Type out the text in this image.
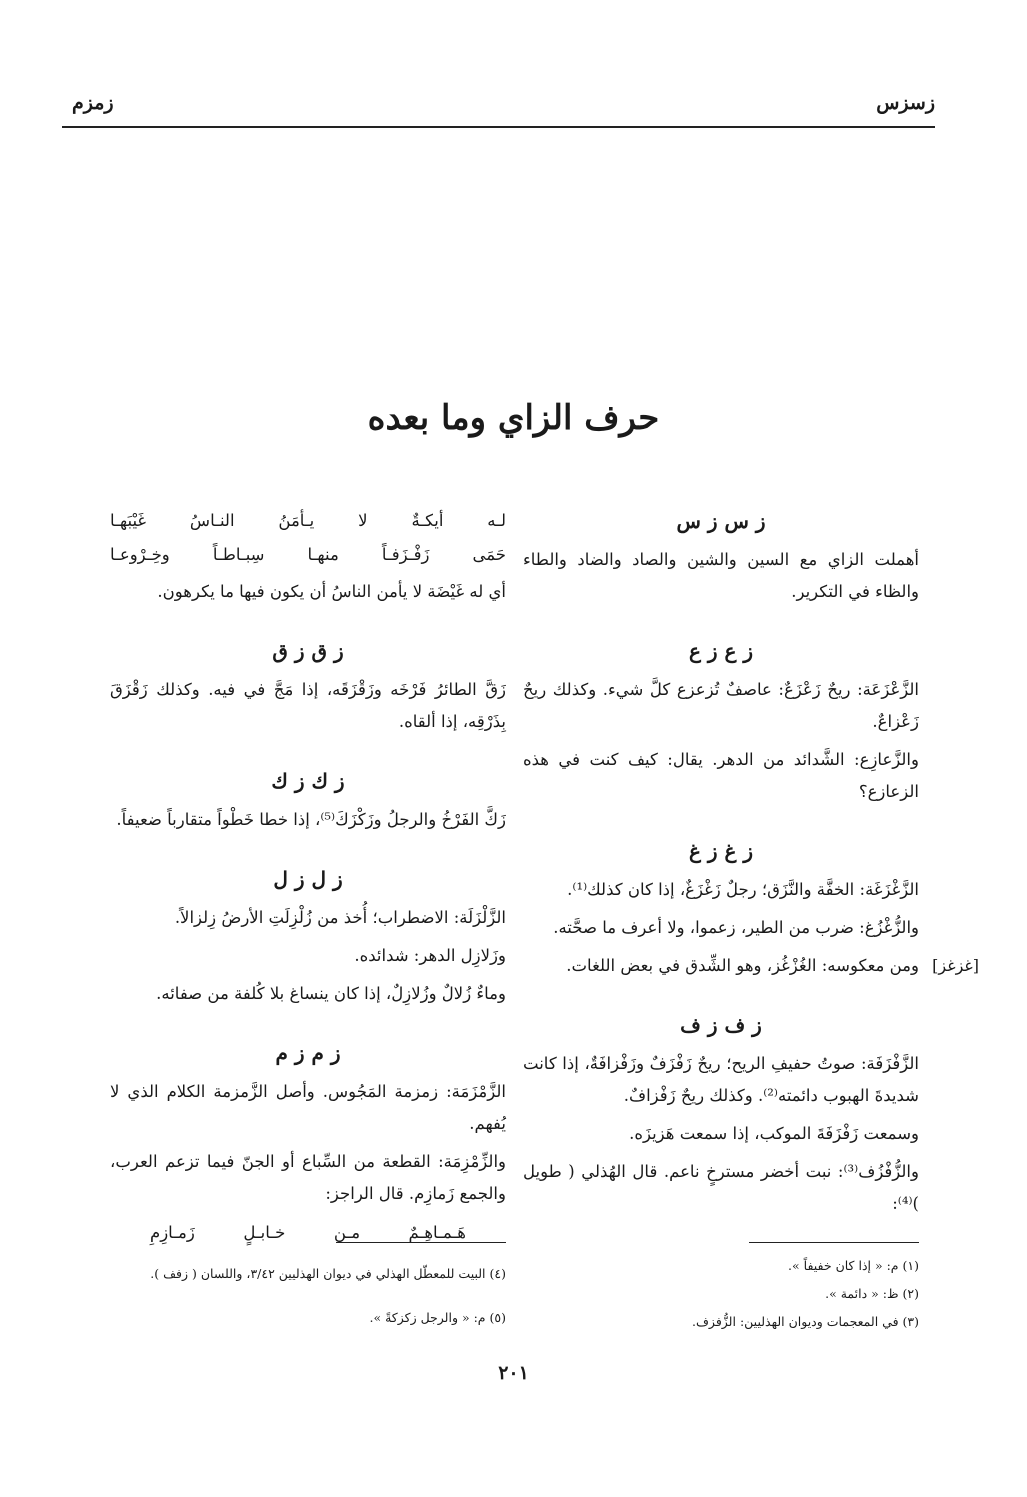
زسزس
زمزم
حرف الزاي وما بعده
ز س ز س

أهملت الزاي مع السين والشين والصاد والضاد والطاء والظاء في التكرير.

ز ع ز ع

الزَّعْزَعَة: ريحٌ زَعْزَعٌ: عاصفٌ تُزعزع كلَّ شيء. وكذلك ريحٌ زَعْزاعٌ.

والزَّعازِع: الشَّدائد من الدهر. يقال: كيف كنت في هذه الزعازع؟

ز غ ز غ

الزَّغْزَغَة: الخفَّة والنَّزَق؛ رجلٌ زَغْزَغٌ، إذا كان كذلك⁽¹⁾.

والزُّغْزُغ: ضرب من الطير، زعموا، ولا أعرف ما صحَّته.

ومن معكوسه: الغُزْغُز، وهو الشِّدق في بعض اللغات.

ز ف ز ف

الزَّفْزَفَة: صوتُ حفيفِ الريح؛ ريحٌ زَفْزَفٌ وزَفْزافَةٌ، إذا كانت شديدةَ الهبوب دائمته⁽²⁾. وكذلك ريحٌ زَفْزافٌ.

وسمعت زَفْزَفَةَ الموكب، إذا سمعت هَزيزَه.

والزُّفْزُف⁽³⁾: نبت أخضر مسترخٍ ناعم. قال الهُذلي ( طويل )⁽⁴⁾:

[غزغز]

لـه أيكـةٌ لا يـأمَنُ النـاسُ غَيْبَهـا

حَمَى زَفْـزَفـاً منهـا سِبـاطـاً وخِـرْوعـا

أي له غَيْضَة لا يأمن الناسُ أن يكون فيها ما يكرهون.

ز ق ز ق

زَقَّ الطائرُ فَرْخَه وزَقْزَقَه، إذا مَجَّ في فيه. وكذلك زَقْزَقَ بِذَرْقِه، إذا ألقاه.

ز ك ز ك

زَكَّ الفَرْخُ والرجلُ وزَكْزَكَ⁽⁵⁾، إذا خطا خَطْواً متقارباً ضعيفاً.

ز ل ز ل

الزَّلْزَلَة: الاضطراب؛ أُخذ من زُلْزِلَتِ الأرضُ زِلزالاً.

وزَلازِل الدهر: شدائده.

وماءٌ زُلالٌ وزُلازِلٌ، إذا كان ينساغ بلا كُلفة من صفائه.

ز م ز م

الزَّمْزَمَة: زمزمة المَجُوس. وأصل الزَّمزمة الكلام الذي لا يُفهم.

والزِّمْزِمَة: القطعة من السِّباع أو الجنّ فيما تزعم العرب، والجمع زَمازِم. قال الراجز:

هَـمـاهِـمٌ مـن خـابـلٍ زَمـازِمِ

(١) م: « إذا كان خفيفاً ».

(٢) ظ: « دائمة ».

(٣) في المعجمات وديوان الهذليين: الزُّفزف.

(٤) البيت للمعطّل الهذلي في ديوان الهذليين ٣/٤٢، واللسان ( زفف ).

(٥) م: « والرجل زكزكةً ».

٢٠١
